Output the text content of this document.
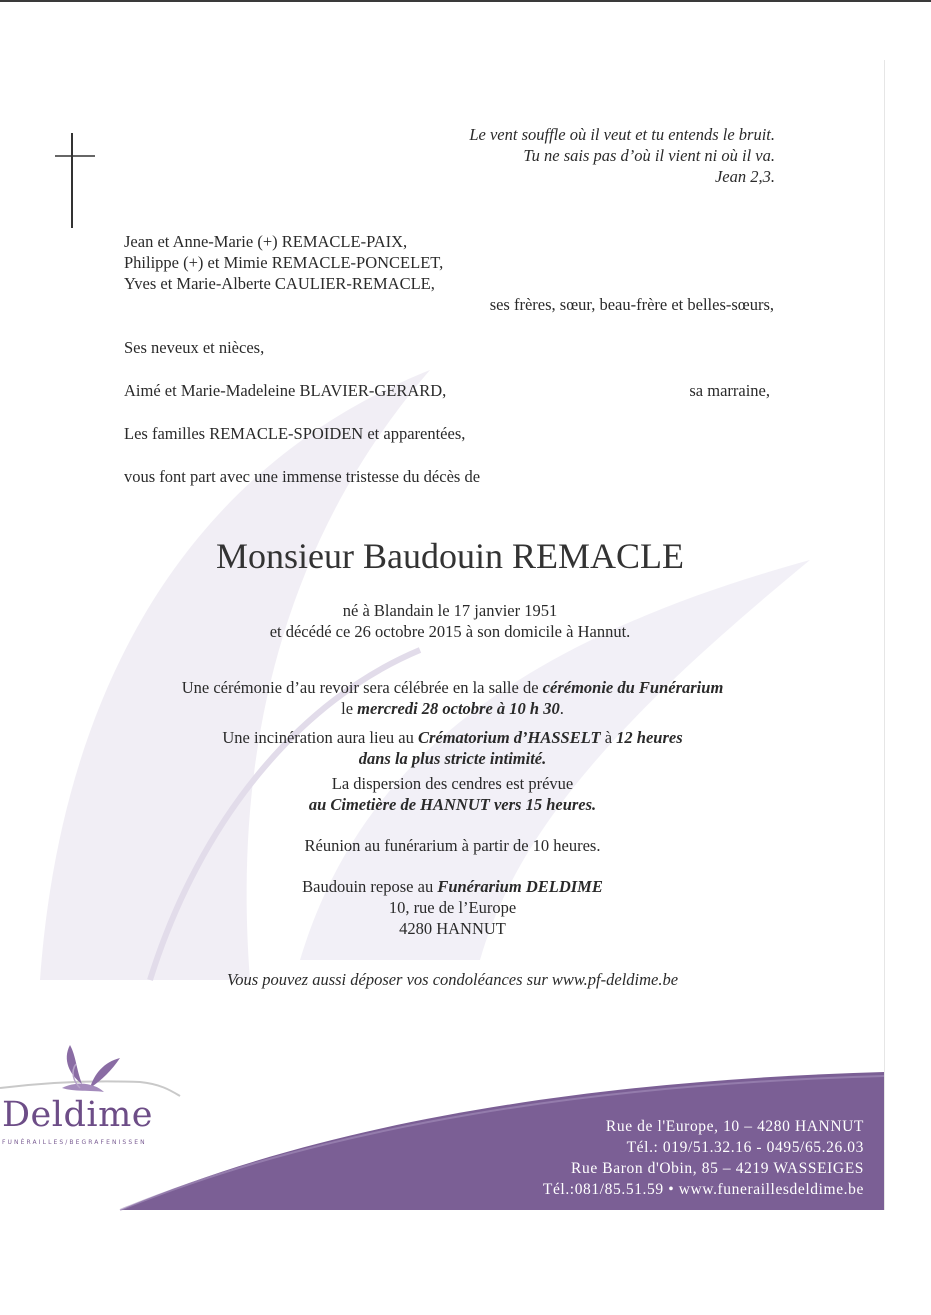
Le vent souffle où il veut et tu entends le bruit.
Tu ne sais pas d’où il vient ni où il va.
Jean 2,3.
Jean et Anne-Marie (+) REMACLE-PAIX,
Philippe (+) et Mimie REMACLE-PONCELET,
Yves et Marie-Alberte CAULIER-REMACLE,
ses frères, sœur, beau-frère et belles-sœurs,
Ses neveux et nièces,
Aimé et Marie-Madeleine BLAVIER-GERARD,	sa marraine,
Les familles REMACLE-SPOIDEN et apparentées,
vous font part avec une immense tristesse du décès de
Monsieur Baudouin REMACLE
né à Blandain le 17 janvier 1951
et décédé ce 26 octobre 2015 à son domicile à Hannut.
Une cérémonie d’au revoir sera célébrée en la salle de cérémonie du Funérarium
le mercredi 28 octobre à 10 h 30.
Une incinération aura lieu au Crématorium d’HASSELT à 12 heures
dans la plus stricte intimité.
La dispersion des cendres est prévue
au Cimetière de HANNUT vers 15 heures.
Réunion au funérarium à partir de 10 heures.
Baudouin repose au Funérarium DELDIME
10, rue de l’Europe
4280 HANNUT
Vous pouvez aussi déposer vos condoléances sur www.pf-deldime.be
Deldime
FUNÉRAILLES/BEGRAFENISSEN
Rue de l'Europe, 10 – 4280 HANNUT
Tél.: 019/51.32.16 - 0495/65.26.03
Rue Baron d'Obin, 85 – 4219 WASSEIGES
Tél.:081/85.51.59 • www.funeraillesdeldime.be
